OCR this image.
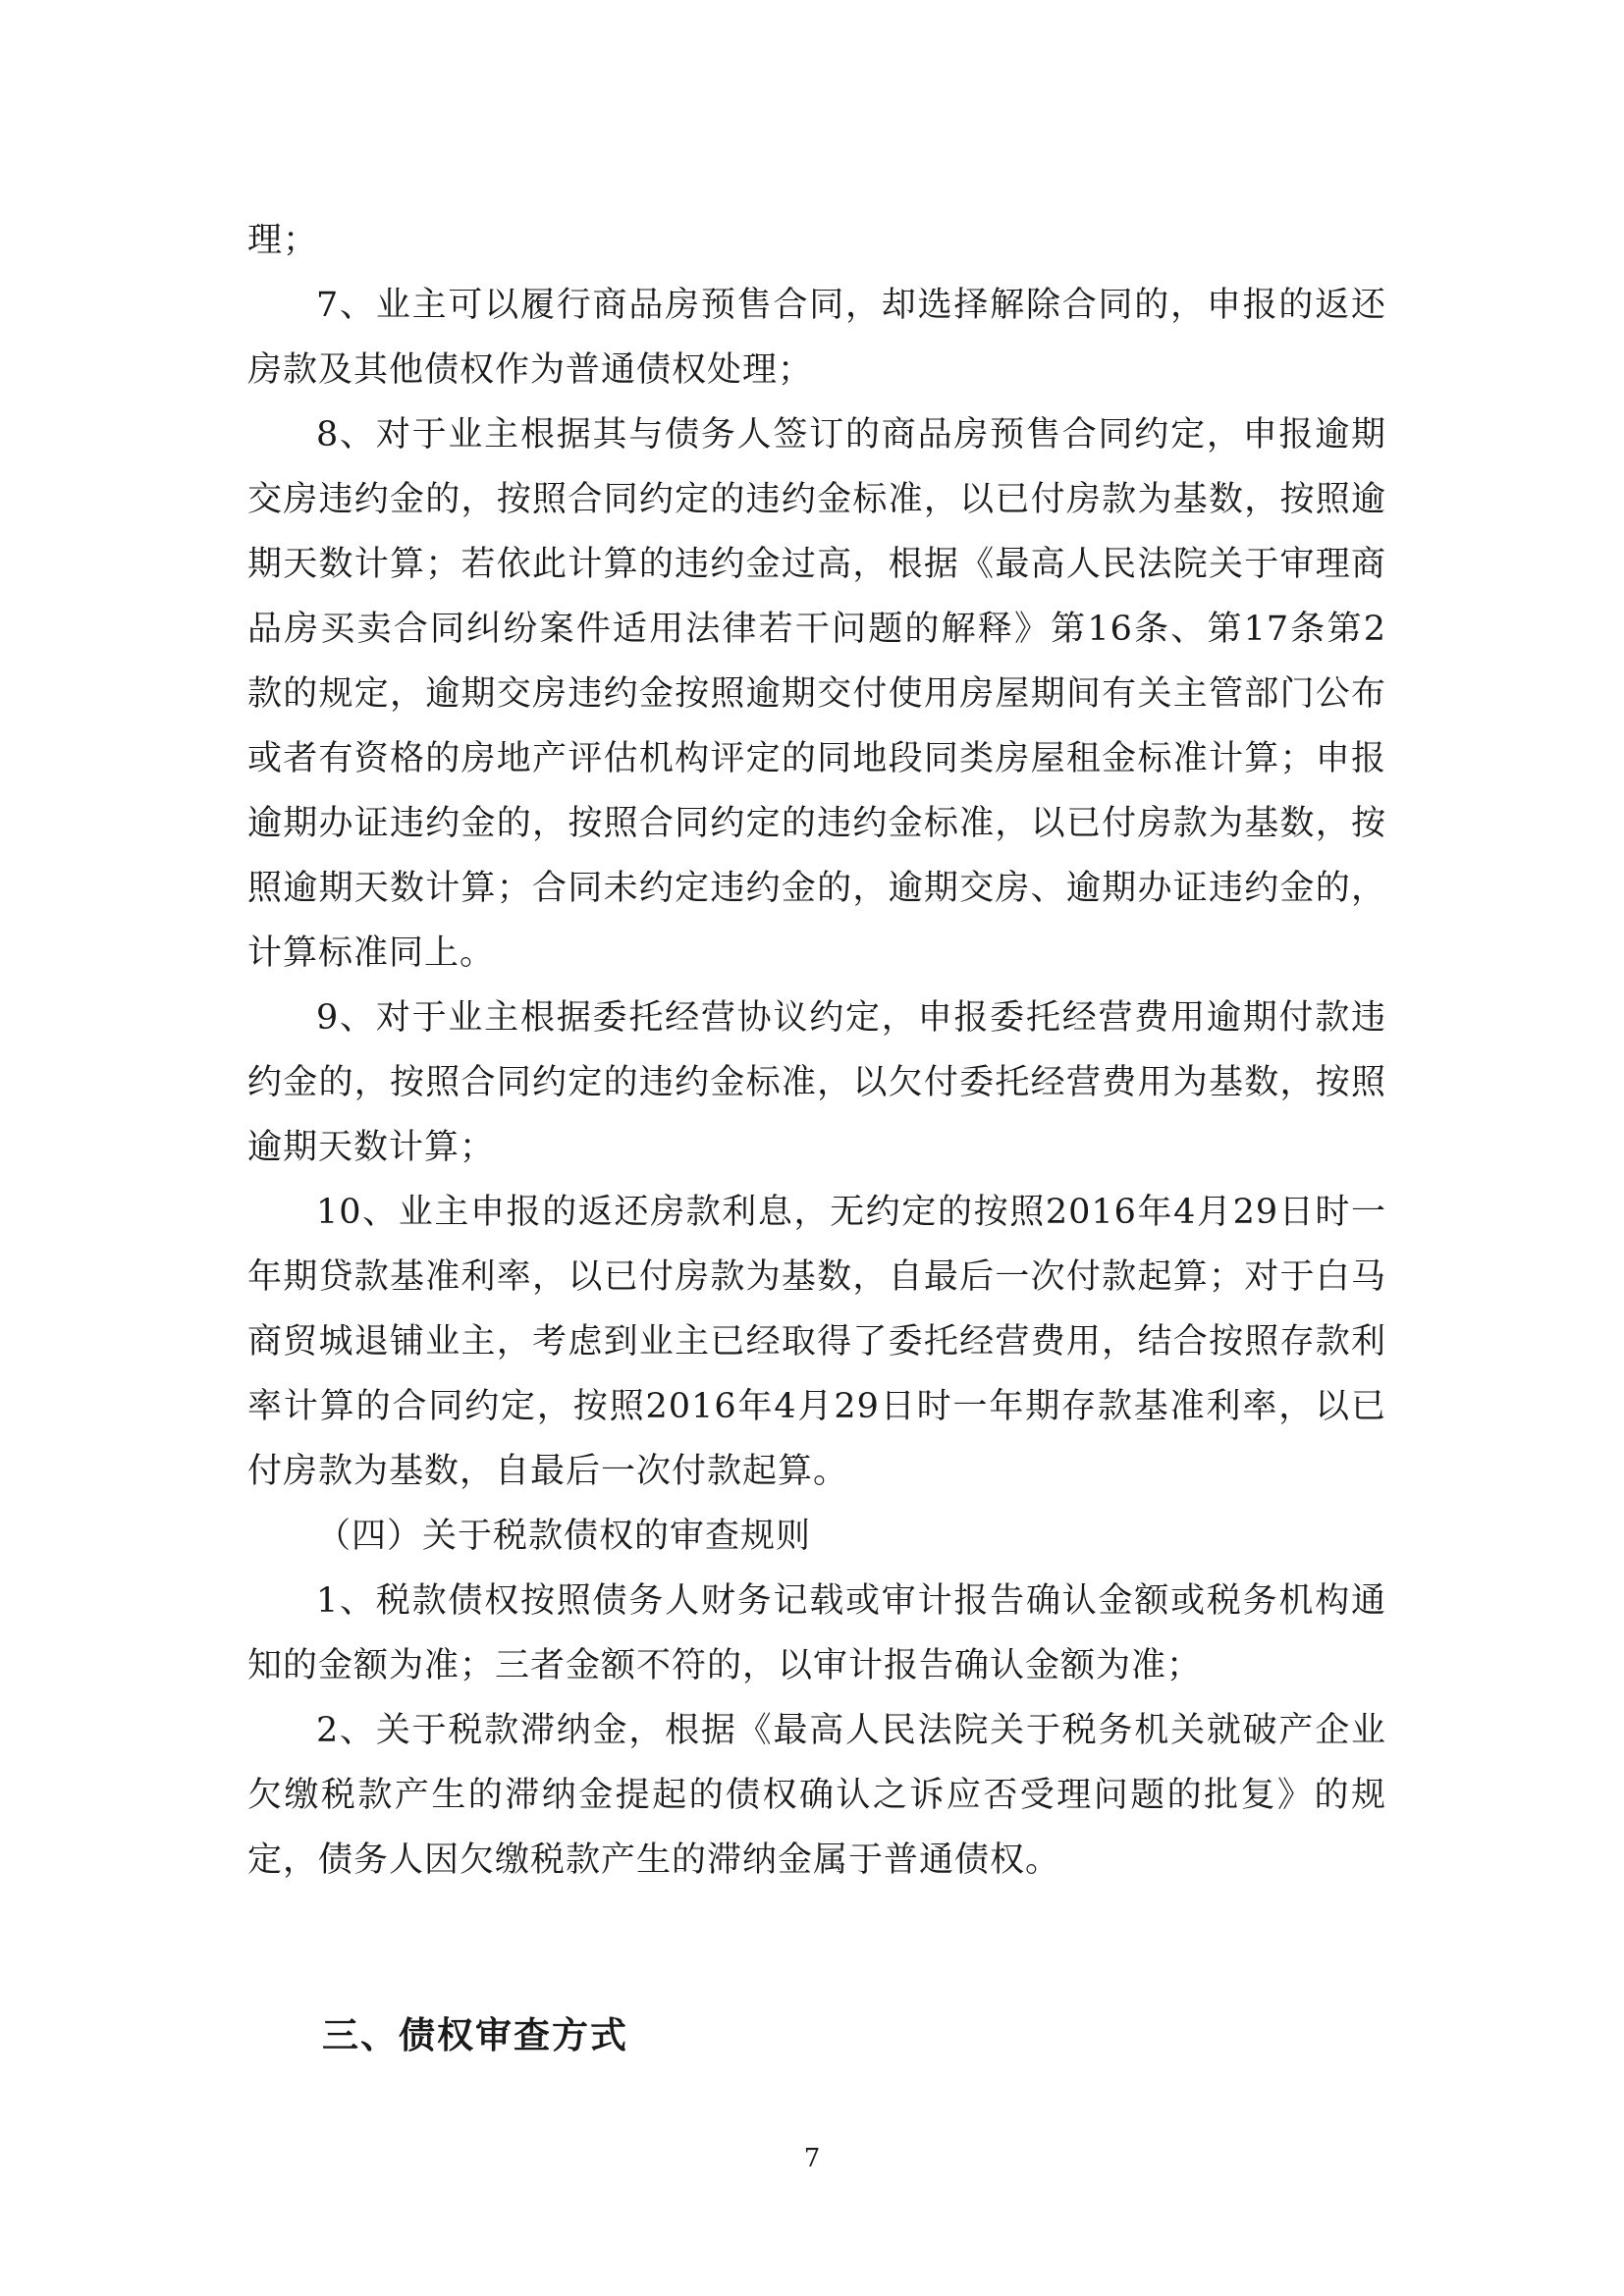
理；

7、业主可以履行商品房预售合同，却选择解除合同的，申报的返还房款及其他债权作为普通债权处理；

8、对于业主根据其与债务人签订的商品房预售合同约定，申报逾期交房违约金的，按照合同约定的违约金标准，以已付房款为基数，按照逾期天数计算；若依此计算的违约金过高，根据《最高人民法院关于审理商品房买卖合同纠纷案件适用法律若干问题的解释》第16条、第17条第2款的规定，逾期交房违约金按照逾期交付使用房屋期间有关主管部门公布或者有资格的房地产评估机构评定的同地段同类房屋租金标准计算；申报逾期办证违约金的，按照合同约定的违约金标准，以已付房款为基数，按照逾期天数计算；合同未约定违约金的，逾期交房、逾期办证违约金的，计算标准同上。

9、对于业主根据委托经营协议约定，申报委托经营费用逾期付款违约金的，按照合同约定的违约金标准，以欠付委托经营费用为基数，按照逾期天数计算；

10、业主申报的返还房款利息，无约定的按照2016年4月29日时一年期贷款基准利率，以已付房款为基数，自最后一次付款起算；对于白马商贸城退铺业主，考虑到业主已经取得了委托经营费用，结合按照存款利率计算的合同约定，按照2016年4月29日时一年期存款基准利率，以已付房款为基数，自最后一次付款起算。

（四）关于税款债权的审查规则

1、税款债权按照债务人财务记载或审计报告确认金额或税务机构通知的金额为准；三者金额不符的，以审计报告确认金额为准；

2、关于税款滞纳金，根据《最高人民法院关于税务机关就破产企业欠缴税款产生的滞纳金提起的债权确认之诉应否受理问题的批复》的规定，债务人因欠缴税款产生的滞纳金属于普通债权。

三、债权审查方式
7
